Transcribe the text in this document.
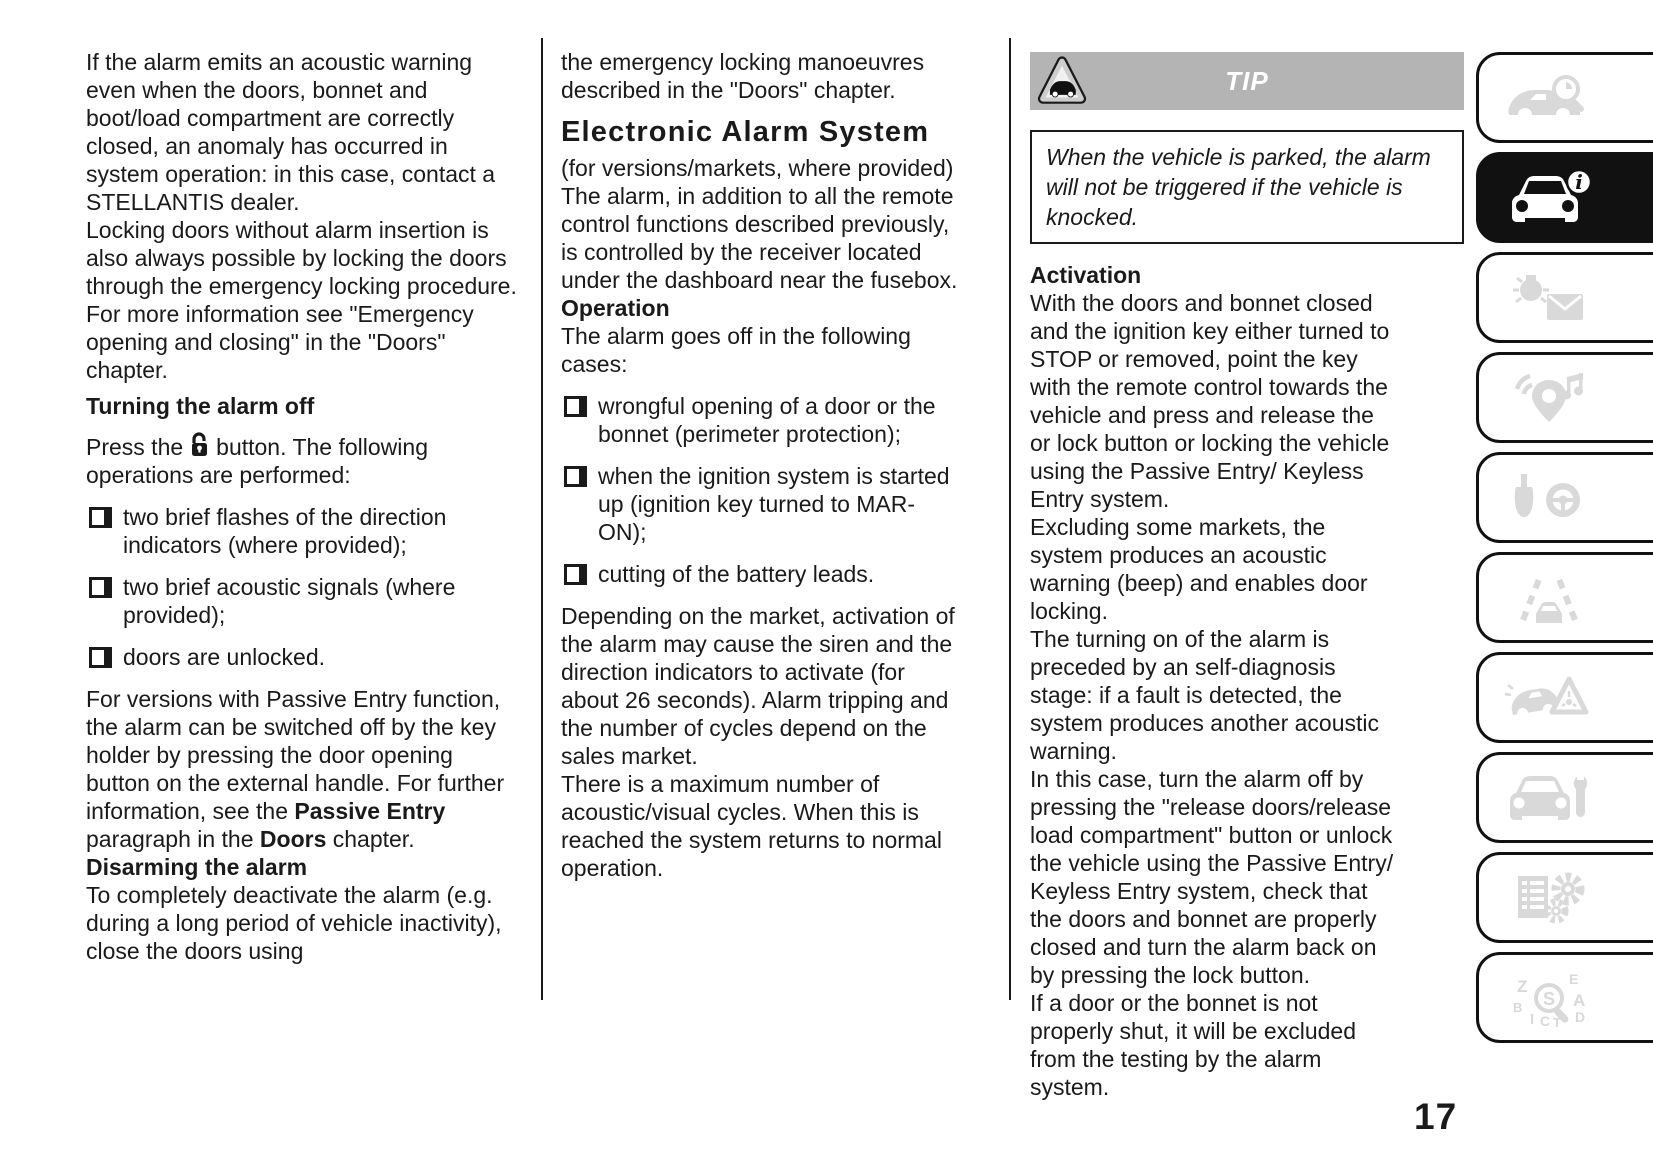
If the alarm emits an acoustic warning even when the doors, bonnet and boot/load compartment are correctly closed, an anomaly has occurred in system operation: in this case, contact a STELLANTIS dealer.

Locking doors without alarm insertion is also always possible by locking the doors through the emergency locking procedure. For more information see "Emergency opening and closing" in the "Doors" chapter.

Turning the alarm off

Press the button. The following operations are performed:

two brief flashes of the direction indicators (where provided);
two brief acoustic signals (where provided);
doors are unlocked.

For versions with Passive Entry function, the alarm can be switched off by the key holder by pressing the door opening button on the external handle. For further information, see the Passive Entry paragraph in the Doors chapter.

Disarming the alarm

To completely deactivate the alarm (e.g. during a long period of vehicle inactivity), close the doors using

the emergency locking manoeuvres described in the "Doors" chapter.

Electronic Alarm System

(for versions/markets, where provided) The alarm, in addition to all the remote control functions described previously, is controlled by the receiver located under the dashboard near the fusebox.

Operation

The alarm goes off in the following cases:

wrongful opening of a door or the bonnet (perimeter protection);
when the ignition system is started up (ignition key turned to MAR-ON);
cutting of the battery leads.

Depending on the market, activation of the alarm may cause the siren and the direction indicators to activate (for about 26 seconds). Alarm tripping and the number of cycles depend on the sales market.

There is a maximum number of acoustic/visual cycles. When this is reached the system returns to normal operation.

TIP
When the vehicle is parked, the alarm will not be triggered if the vehicle is knocked.
Activation

With the doors and bonnet closed and the ignition key either turned to STOP or removed, point the key with the remote control towards the vehicle and press and release the or lock button or locking the vehicle using the Passive Entry/ Keyless Entry system.

Excluding some markets, the system produces an acoustic warning (beep) and enables door locking.

The turning on of the alarm is preceded by an self-diagnosis stage: if a fault is detected, the system produces another acoustic warning.

In this case, turn the alarm off by pressing the "release doors/release load compartment" button or unlock the vehicle using the Passive Entry/ Keyless Entry system, check that the doors and bonnet are properly closed and turn the alarm back on by pressing the lock button.

If a door or the bonnet is not properly shut, it will be excluded from the testing by the alarm system.

i
Z	E
B	A
I C T D
S
17
